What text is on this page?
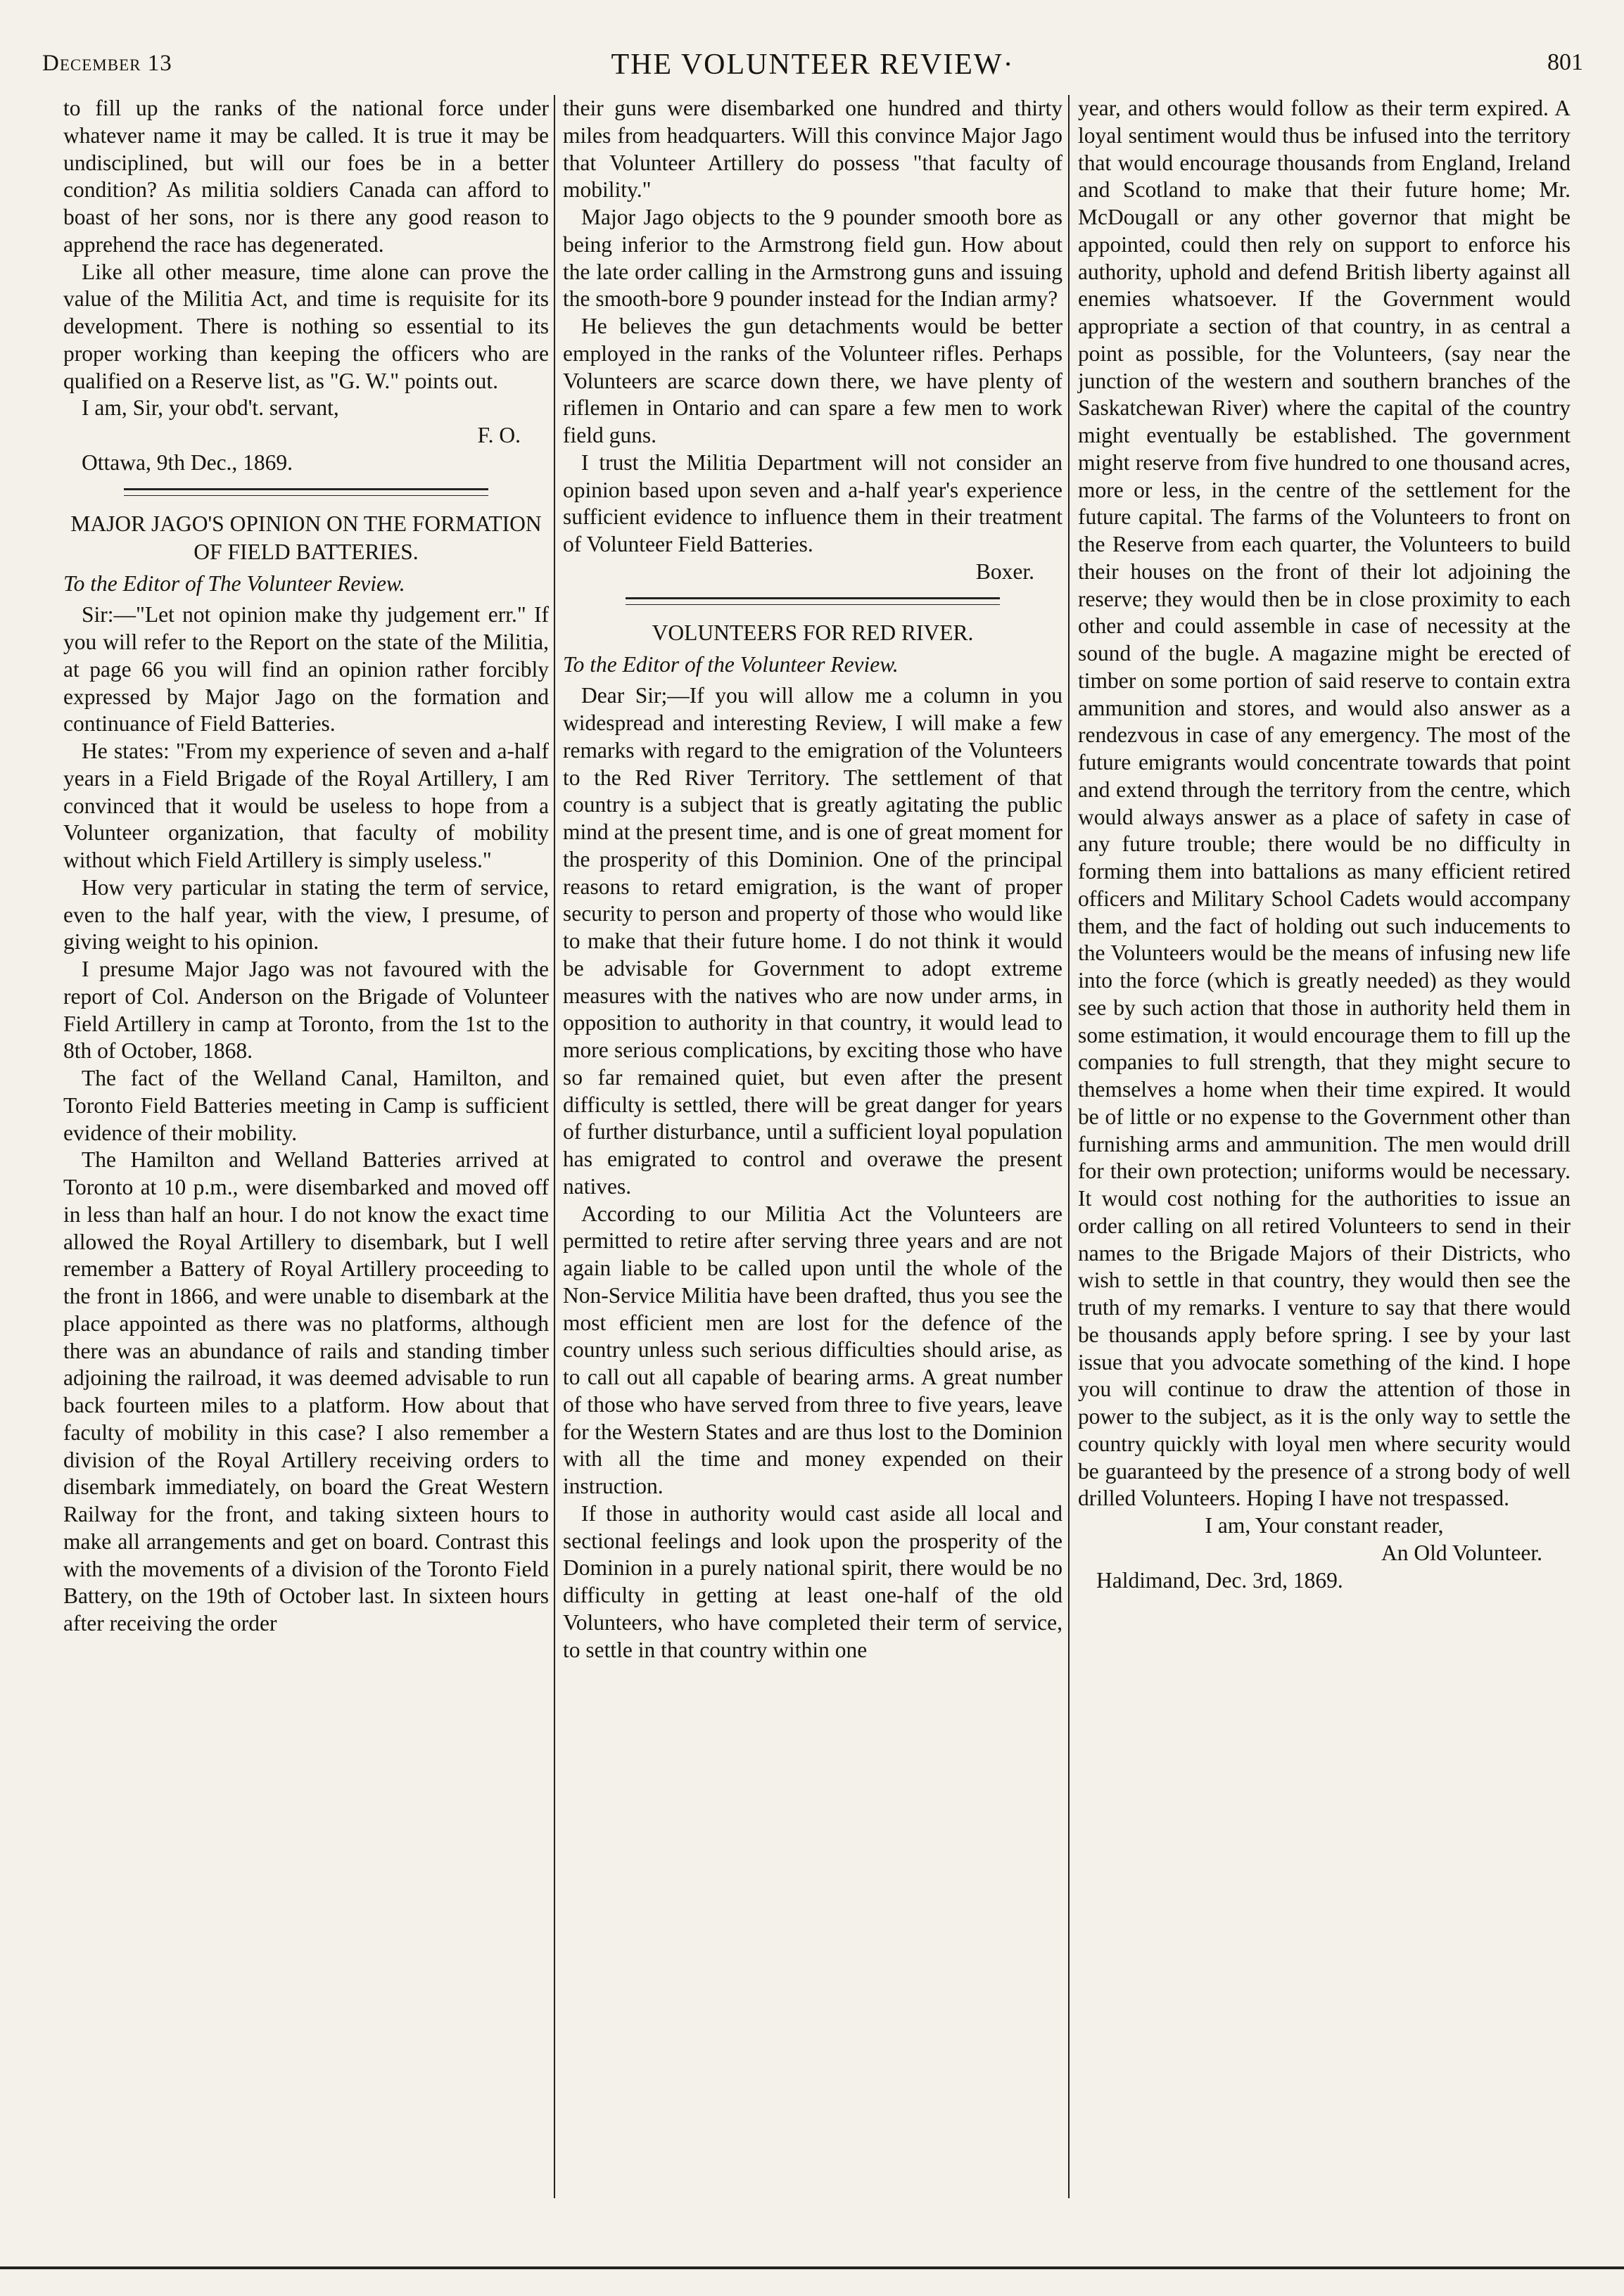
December 13	THE VOLUNTEER REVIEW·	801

to fill up the ranks of the national force under whatever name it may be called. It is true it may be undisciplined, but will our foes be in a better condition? As militia soldiers Canada can afford to boast of her sons, nor is there any good reason to apprehend the race has degenerated.

Like all other measure, time alone can prove the value of the Militia Act, and time is requisite for its development. There is nothing so essential to its proper working than keeping the officers who are qualified on a Reserve list, as "G. W." points out.

I am, Sir, your obd't. servant,

F. O.

Ottawa, 9th Dec., 1869.

MAJOR JAGO'S OPINION ON THE FORMATION OF FIELD BATTERIES.

To the Editor of The Volunteer Review.

Sir:—"Let not opinion make thy judgement err." If you will refer to the Report on the state of the Militia, at page 66 you will find an opinion rather forcibly expressed by Major Jago on the formation and continuance of Field Batteries.

He states: "From my experience of seven and a-half years in a Field Brigade of the Royal Artillery, I am convinced that it would be useless to hope from a Volunteer organization, that faculty of mobility without which Field Artillery is simply useless."

How very particular in stating the term of service, even to the half year, with the view, I presume, of giving weight to his opinion.

I presume Major Jago was not favoured with the report of Col. Anderson on the Brigade of Volunteer Field Artillery in camp at Toronto, from the 1st to the 8th of October, 1868.

The fact of the Welland Canal, Hamilton, and Toronto Field Batteries meeting in Camp is sufficient evidence of their mobility.

The Hamilton and Welland Batteries arrived at Toronto at 10 p.m., were disembarked and moved off in less than half an hour. I do not know the exact time allowed the Royal Artillery to disembark, but I well remember a Battery of Royal Artillery proceeding to the front in 1866, and were unable to disembark at the place appointed as there was no platforms, although there was an abundance of rails and standing timber adjoining the railroad, it was deemed advisable to run back fourteen miles to a platform. How about that faculty of mobility in this case? I also remember a division of the Royal Artillery receiving orders to disembark immediately, on board the Great Western Railway for the front, and taking sixteen hours to make all arrangements and get on board. Contrast this with the movements of a division of the Toronto Field Battery, on the 19th of October last. In sixteen hours after receiving the order

their guns were disembarked one hundred and thirty miles from headquarters. Will this convince Major Jago that Volunteer Artillery do possess "that faculty of mobility."

Major Jago objects to the 9 pounder smooth bore as being inferior to the Armstrong field gun. How about the late order calling in the Armstrong guns and issuing the smooth-bore 9 pounder instead for the Indian army?

He believes the gun detachments would be better employed in the ranks of the Volunteer rifles. Perhaps Volunteers are scarce down there, we have plenty of riflemen in Ontario and can spare a few men to work field guns.

I trust the Militia Department will not consider an opinion based upon seven and a-half year's experience sufficient evidence to influence them in their treatment of Volunteer Field Batteries.

Boxer.

VOLUNTEERS FOR RED RIVER.

To the Editor of the Volunteer Review.

Dear Sir;—If you will allow me a column in you widespread and interesting Review, I will make a few remarks with regard to the emigration of the Volunteers to the Red River Territory. The settlement of that country is a subject that is greatly agitating the public mind at the present time, and is one of great moment for the prosperity of this Dominion. One of the principal reasons to retard emigration, is the want of proper security to person and property of those who would like to make that their future home. I do not think it would be advisable for Government to adopt extreme measures with the natives who are now under arms, in opposition to authority in that country, it would lead to more serious complications, by exciting those who have so far remained quiet, but even after the present difficulty is settled, there will be great danger for years of further disturbance, until a sufficient loyal population has emigrated to control and overawe the present natives.

According to our Militia Act the Volunteers are permitted to retire after serving three years and are not again liable to be called upon until the whole of the Non-Service Militia have been drafted, thus you see the most efficient men are lost for the defence of the country unless such serious difficulties should arise, as to call out all capable of bearing arms. A great number of those who have served from three to five years, leave for the Western States and are thus lost to the Dominion with all the time and money expended on their instruction.

If those in authority would cast aside all local and sectional feelings and look upon the prosperity of the Dominion in a purely national spirit, there would be no difficulty in getting at least one-half of the old Volunteers, who have completed their term of service, to settle in that country within one

year, and others would follow as their term expired. A loyal sentiment would thus be infused into the territory that would encourage thousands from England, Ireland and Scotland to make that their future home; Mr. McDougall or any other governor that might be appointed, could then rely on support to enforce his authority, uphold and defend British liberty against all enemies whatsoever. If the Government would appropriate a section of that country, in as central a point as possible, for the Volunteers, (say near the junction of the western and southern branches of the Saskatchewan River) where the capital of the country might eventually be established. The government might reserve from five hundred to one thousand acres, more or less, in the centre of the settlement for the future capital. The farms of the Volunteers to front on the Reserve from each quarter, the Volunteers to build their houses on the front of their lot adjoining the reserve; they would then be in close proximity to each other and could assemble in case of necessity at the sound of the bugle. A magazine might be erected of timber on some portion of said reserve to contain extra ammunition and stores, and would also answer as a rendezvous in case of any emergency. The most of the future emigrants would concentrate towards that point and extend through the territory from the centre, which would always answer as a place of safety in case of any future trouble; there would be no difficulty in forming them into battalions as many efficient retired officers and Military School Cadets would accompany them, and the fact of holding out such inducements to the Volunteers would be the means of infusing new life into the force (which is greatly needed) as they would see by such action that those in authority held them in some estimation, it would encourage them to fill up the companies to full strength, that they might secure to themselves a home when their time expired. It would be of little or no expense to the Government other than furnishing arms and ammunition. The men would drill for their own protection; uniforms would be necessary. It would cost nothing for the authorities to issue an order calling on all retired Volunteers to send in their names to the Brigade Majors of their Districts, who wish to settle in that country, they would then see the truth of my remarks. I venture to say that there would be thousands apply before spring. I see by your last issue that you advocate something of the kind. I hope you will continue to draw the attention of those in power to the subject, as it is the only way to settle the country quickly with loyal men where security would be guaranteed by the presence of a strong body of well drilled Volunteers. Hoping I have not trespassed.

I am, Your constant reader,

An Old Volunteer.

Haldimand, Dec. 3rd, 1869.
